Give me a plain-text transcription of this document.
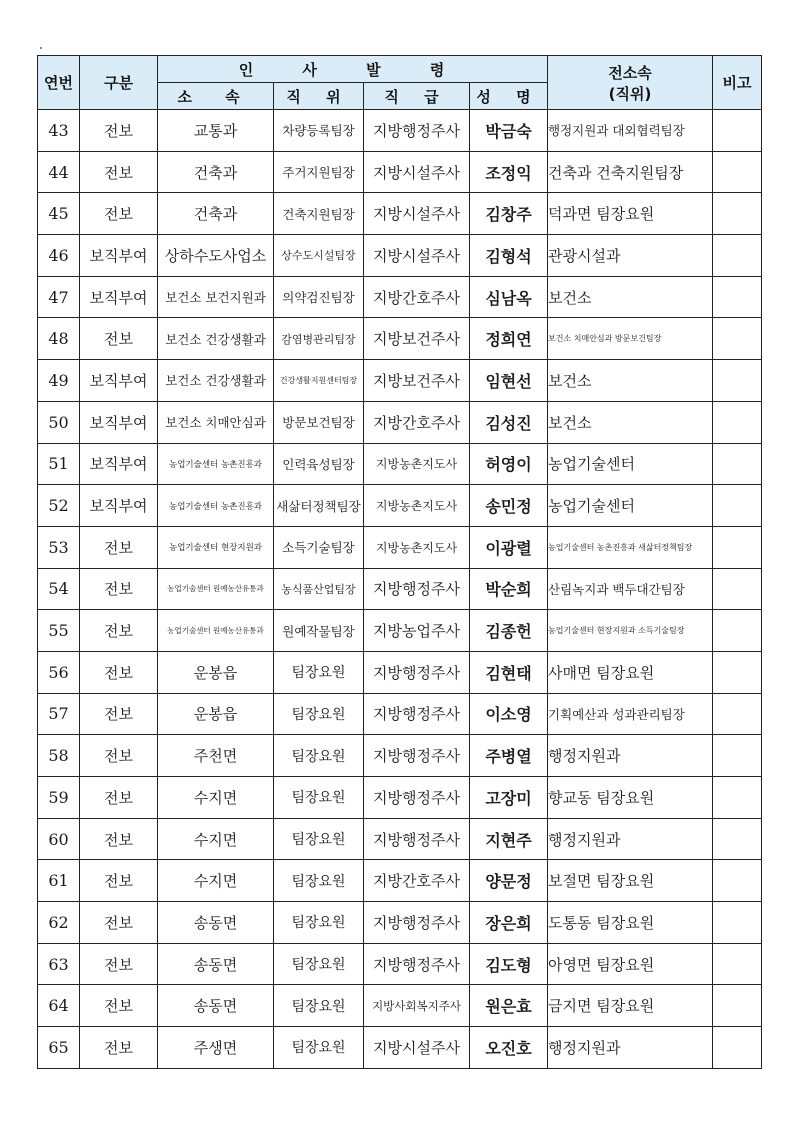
연번	구분	인 사 발 령				전소속
(직위)	비고
		소 속	직 위	직 급	성 명		
43	전보	교통과	차량등록팀장	지방행정주사	박금숙	행정지원과 대외협력팀장	
44	전보	건축과	주거지원팀장	지방시설주사	조정익	건축과 건축지원팀장	
45	전보	건축과	건축지원팀장	지방시설주사	김창주	덕과면 팀장요원	
46	보직부여	상하수도사업소	상수도시설팀장	지방시설주사	김형석	관광시설과	
47	보직부여	보건소 보건지원과	의약검진팀장	지방간호주사	심남옥	보건소	
48	전보	보건소 건강생활과	감염병관리팀장	지방보건주사	정희연	보건소 치매안심과 방문보건팀장	
49	보직부여	보건소 건강생활과	건강생활지원센터팀장	지방보건주사	임현선	보건소	
50	보직부여	보건소 치매안심과	방문보건팀장	지방간호주사	김성진	보건소	
51	보직부여	농업기술센터 농촌진흥과	인력육성팀장	지방농촌지도사	허영이	농업기술센터	
52	보직부여	농업기술센터 농촌진흥과	새삶터정책팀장	지방농촌지도사	송민정	농업기술센터	
53	전보	농업기술센터 현장지원과	소득기술팀장	지방농촌지도사	이광렬	농업기술센터 농촌진흥과 새삶터정책팀장	
54	전보	농업기술센터 원예농산유통과	농식품산업팀장	지방행정주사	박순희	산림녹지과 백두대간팀장	
55	전보	농업기술센터 원예농산유통과	원예작물팀장	지방농업주사	김종헌	농업기술센터 현장지원과 소득기술팀장	
56	전보	운봉읍	팀장요원	지방행정주사	김현태	사매면 팀장요원	
57	전보	운봉읍	팀장요원	지방행정주사	이소영	기획예산과 성과관리팀장	
58	전보	주천면	팀장요원	지방행정주사	주병열	행정지원과	
59	전보	수지면	팀장요원	지방행정주사	고장미	향교동 팀장요원	
60	전보	수지면	팀장요원	지방행정주사	지현주	행정지원과	
61	전보	수지면	팀장요원	지방간호주사	양문정	보절면 팀장요원	
62	전보	송동면	팀장요원	지방행정주사	장은희	도통동 팀장요원	
63	전보	송동면	팀장요원	지방행정주사	김도형	아영면 팀장요원	
64	전보	송동면	팀장요원	지방사회복지주사	원은효	금지면 팀장요원	
65	전보	주생면	팀장요원	지방시설주사	오진호	행정지원과	
